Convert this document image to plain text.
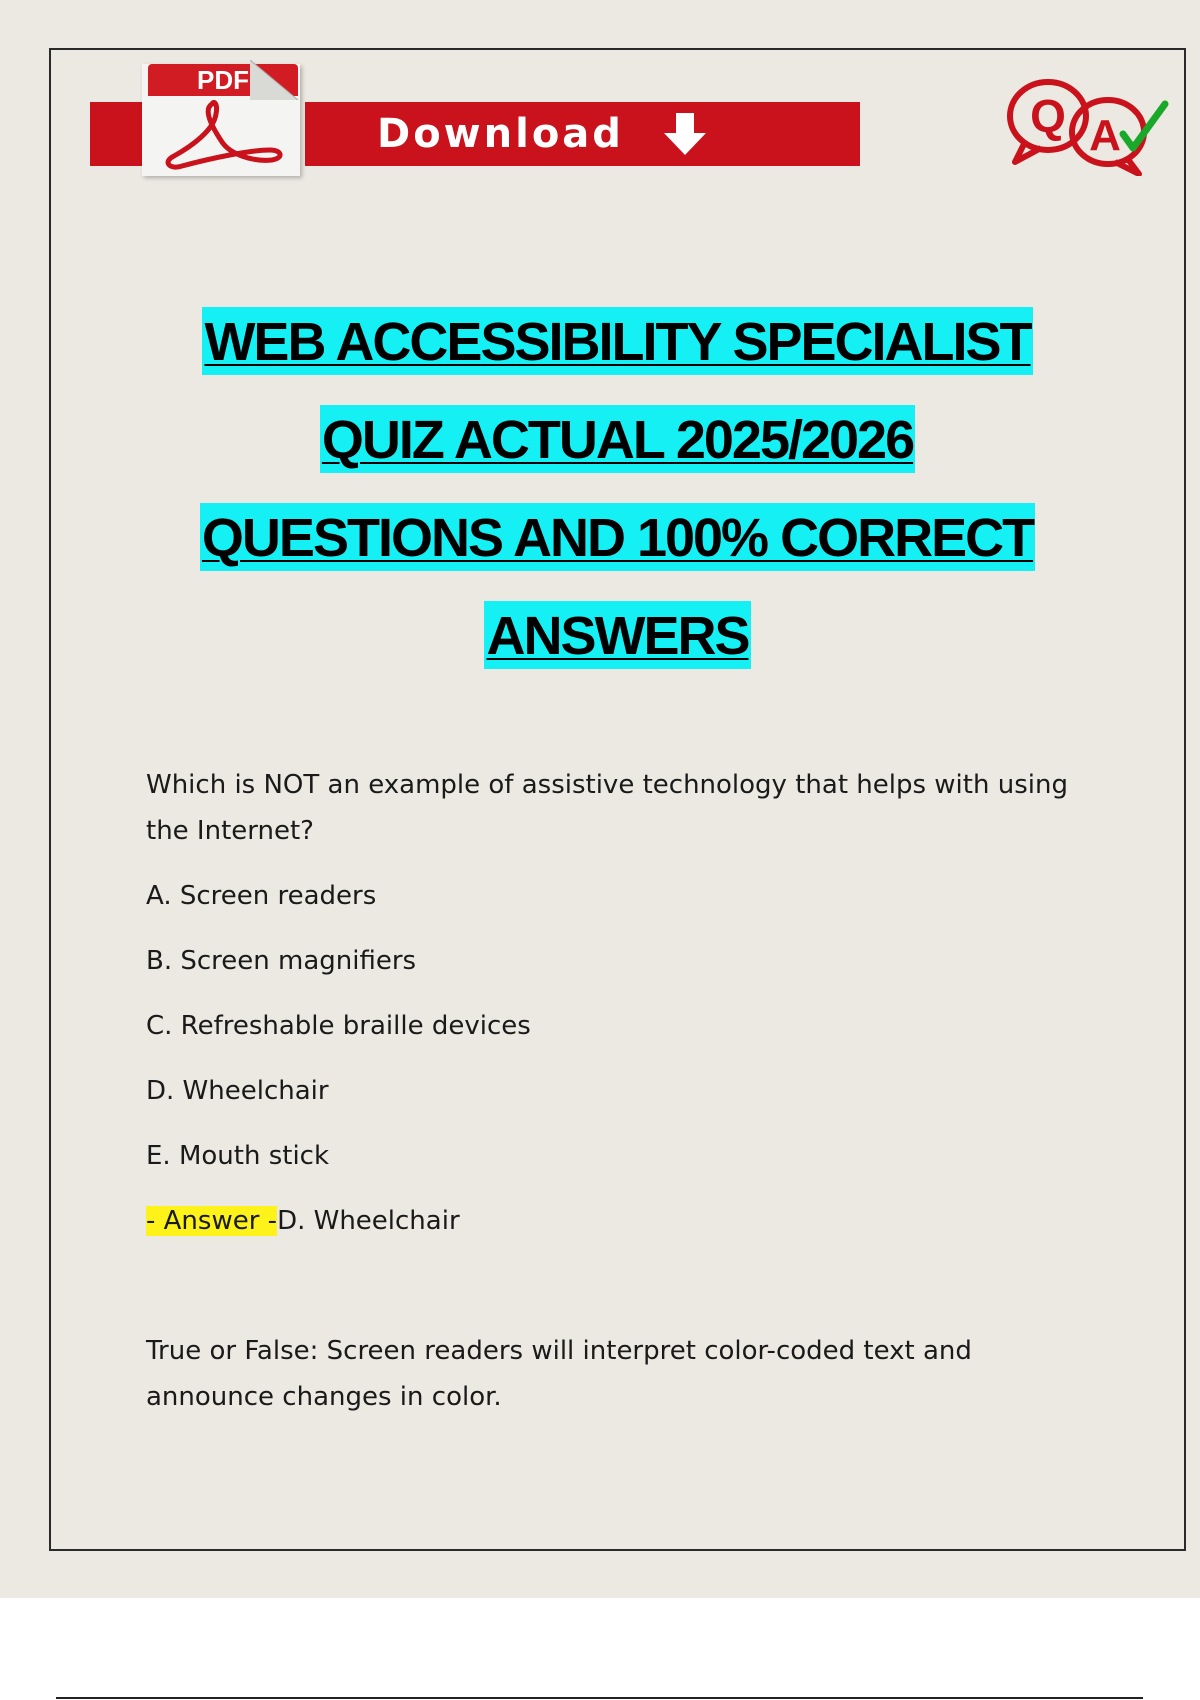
Download
PDF
Q A
WEB ACCESSIBILITY SPECIALIST
QUIZ ACTUAL 2025/2026
QUESTIONS AND 100% CORRECT
ANSWERS

Which is NOT an example of assistive technology that helps with using the Internet?

A. Screen readers
B. Screen magnifiers
C. Refreshable braille devices
D. Wheelchair
E. Mouth stick
- Answer -D. Wheelchair

True or False: Screen readers will interpret color-coded text and announce changes in color.
